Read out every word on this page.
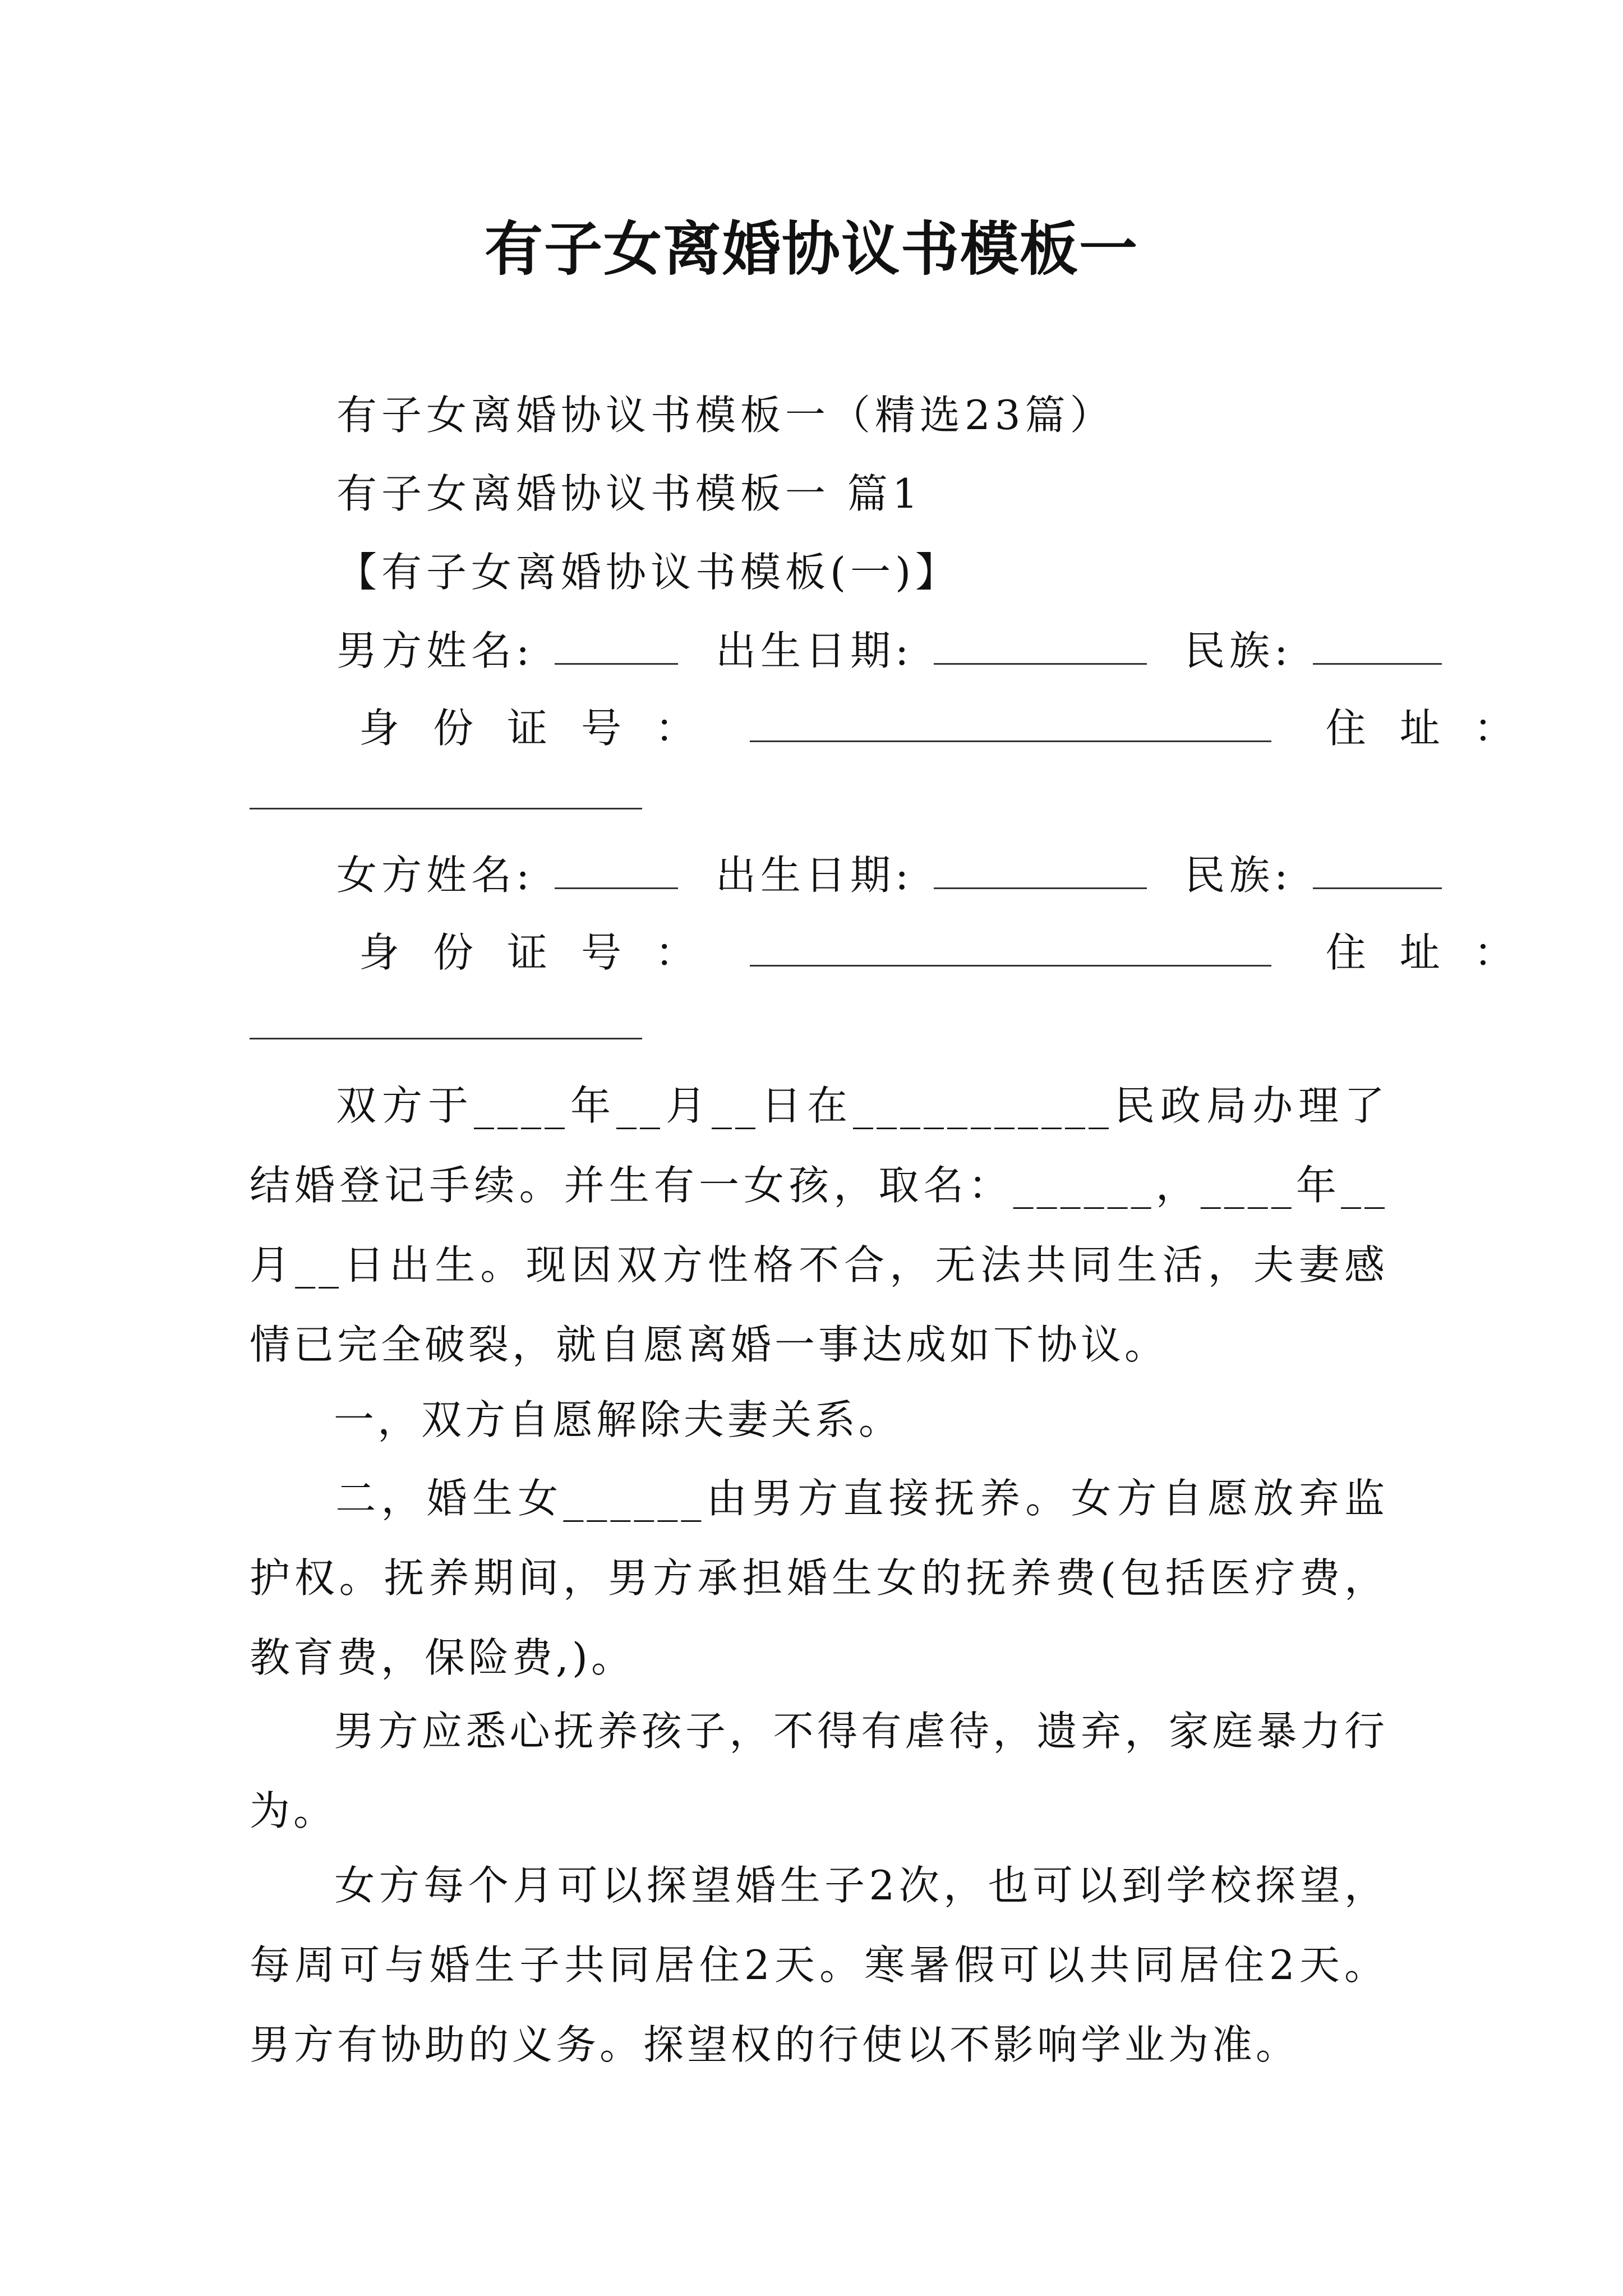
有子女离婚协议书模板一
有子女离婚协议书模板一（精选23篇）
有子女离婚协议书模板一 篇1
【有子女离婚协议书模板(一)】
男方姓名:	出生日期:	民族:
身份证号：	住址：
女方姓名:	出生日期:	民族:
身份证号：	住址：
双方于____年__月__日在___________民政局办理了结婚登记手续。并生有一女孩，取名：______，____年__月__日出生。现因双方性格不合，无法共同生活，夫妻感情已完全破裂，就自愿离婚一事达成如下协议。
一，双方自愿解除夫妻关系。
二，婚生女______由男方直接抚养。女方自愿放弃监护权。抚养期间，男方承担婚生女的抚养费(包括医疗费，教育费，保险费,)。
男方应悉心抚养孩子，不得有虐待，遗弃，家庭暴力行为。
女方每个月可以探望婚生子2次，也可以到学校探望，每周可与婚生子共同居住2天。寒暑假可以共同居住2天。男方有协助的义务。探望权的行使以不影响学业为准。
